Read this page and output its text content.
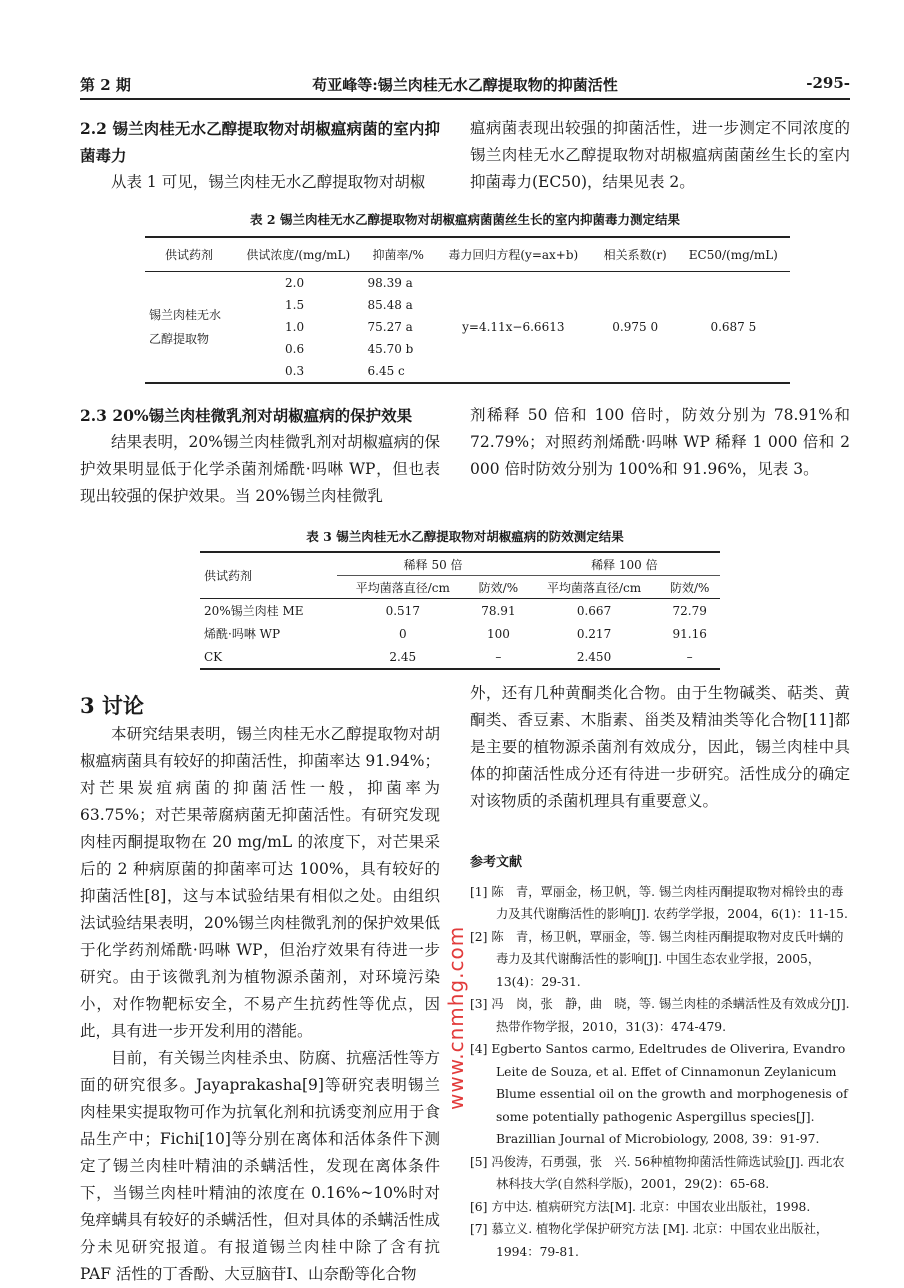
第 2 期	苟亚峰等:锡兰肉桂无水乙醇提取物的抑菌活性	-295-

2.2 锡兰肉桂无水乙醇提取物对胡椒瘟病菌的室内抑菌毒力

从表 1 可见，锡兰肉桂无水乙醇提取物对胡椒

瘟病菌表现出较强的抑菌活性，进一步测定不同浓度的锡兰肉桂无水乙醇提取物对胡椒瘟病菌菌丝生长的室内抑菌毒力(EC50)，结果见表 2。

表 2 锡兰肉桂无水乙醇提取物对胡椒瘟病菌菌丝生长的室内抑菌毒力测定结果
供试药剂	供试浓度/(mg/mL)	抑菌率/%	毒力回归方程(y=ax+b)	相关系数(r)	EC50/(mg/mL)
锡兰肉桂无水乙醇提取物	2.0	98.39 a	y=4.11x−6.6613	0.975 0	0.687 5
	1.5	85.48 a			
	1.0	75.27 a			
	0.6	45.70 b			
	0.3	6.45 c			

2.3 20%锡兰肉桂微乳剂对胡椒瘟病的保护效果

结果表明，20%锡兰肉桂微乳剂对胡椒瘟病的保护效果明显低于化学杀菌剂烯酰·吗啉 WP，但也表现出较强的保护效果。当 20%锡兰肉桂微乳

剂稀释 50 倍和 100 倍时，防效分别为 78.91%和 72.79%；对照药剂烯酰·吗啉 WP 稀释 1 000 倍和 2 000 倍时防效分别为 100%和 91.96%，见表 3。

表 3 锡兰肉桂无水乙醇提取物对胡椒瘟病的防效测定结果
供试药剂	稀释 50 倍		稀释 100 倍	
	平均菌落直径/cm	防效/%	平均菌落直径/cm	防效/%
20%锡兰肉桂 ME	0.517	78.91	0.667	72.79
烯酰·吗啉 WP	0	100	0.217	91.16
CK	2.45	–	2.450	–
3 讨论

本研究结果表明，锡兰肉桂无水乙醇提取物对胡椒瘟病菌具有较好的抑菌活性，抑菌率达 91.94%；对芒果炭疽病菌的抑菌活性一般，抑菌率为 63.75%；对芒果蒂腐病菌无抑菌活性。有研究发现肉桂丙酮提取物在 20 mg/mL 的浓度下，对芒果采后的 2 种病原菌的抑菌率可达 100%，具有较好的抑菌活性[8]，这与本试验结果有相似之处。由组织法试验结果表明，20%锡兰肉桂微乳剂的保护效果低于化学药剂烯酰·吗啉 WP，但治疗效果有待进一步研究。由于该微乳剂为植物源杀菌剂，对环境污染小，对作物靶标安全，不易产生抗药性等优点，因此，具有进一步开发利用的潜能。

目前，有关锡兰肉桂杀虫、防腐、抗癌活性等方面的研究很多。Jayaprakasha[9]等研究表明锡兰肉桂果实提取物可作为抗氧化剂和抗诱变剂应用于食品生产中；Fichi[10]等分别在离体和活体条件下测定了锡兰肉桂叶精油的杀螨活性，发现在离体条件下，当锡兰肉桂叶精油的浓度在 0.16%~10%时对兔痒螨具有较好的杀螨活性，但对具体的杀螨活性成分未见研究报道。有报道锡兰肉桂中除了含有抗 PAF 活性的丁香酚、大豆脑苷Ⅰ、山奈酚等化合物

外，还有几种黄酮类化合物。由于生物碱类、萜类、黄酮类、香豆素、木脂素、甾类及精油类等化合物[11]都是主要的植物源杀菌剂有效成分，因此，锡兰肉桂中具体的抑菌活性成分还有待进一步研究。活性成分的确定对该物质的杀菌机理具有重要意义。

参考文献

[1] 陈　青，覃丽金，杨卫帆，等. 锡兰肉桂丙酮提取物对棉铃虫的毒力及其代谢酶活性的影响[J]. 农药学学报，2004，6(1)：11-15.

[2] 陈　青，杨卫帆，覃丽金，等. 锡兰肉桂丙酮提取物对皮氏叶螨的毒力及其代谢酶活性的影响[J]. 中国生态农业学报，2005，13(4)：29-31.

[3] 冯　岗，张　静，曲　晓，等. 锡兰肉桂的杀螨活性及有效成分[J]. 热带作物学报，2010，31(3)：474-479.

[4] Egberto Santos carmo, Edeltrudes de Oliverira, Evandro Leite de Souza, et al. Effet of Cinnamonun Zeylanicum Blume essential oil on the growth and morphogenesis of some potentially pathogenic Aspergillus species[J]. Brazillian Journal of Microbiology, 2008, 39：91-97.

[5] 冯俊涛，石勇强，张　兴. 56种植物抑菌活性筛选试验[J]. 西北农林科技大学(自然科学版)，2001，29(2)：65-68.

[6] 方中达. 植病研究方法[M]. 北京：中国农业出版社，1998.

[7] 慕立义. 植物化学保护研究方法 [M]. 北京：中国农业出版社，1994：79-81.

www.cnmhg.com
